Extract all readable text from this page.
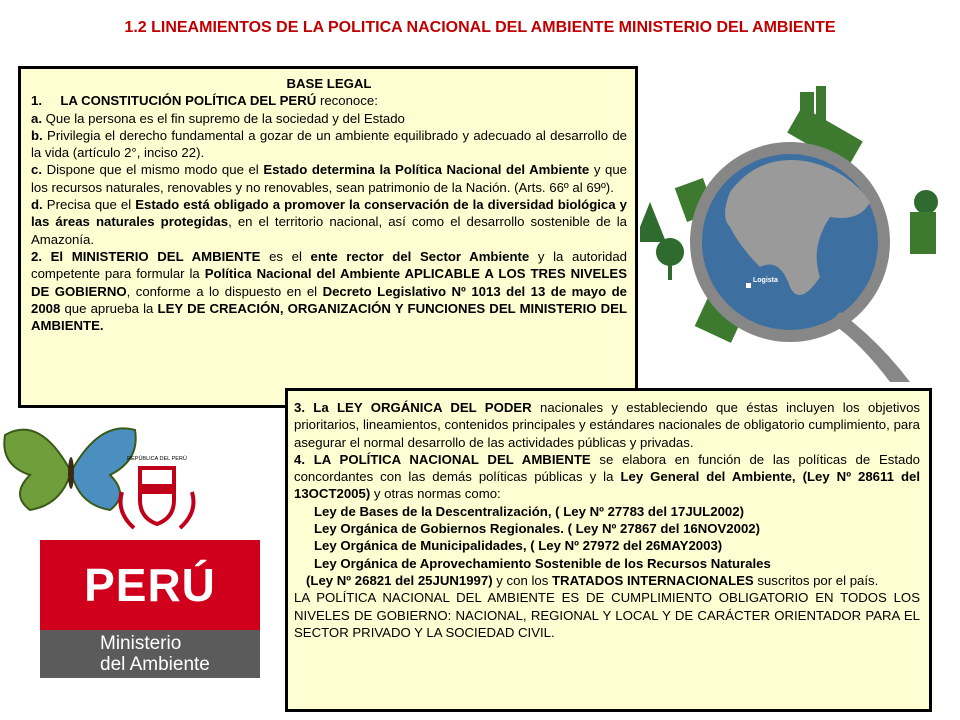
1.2 LINEAMIENTOS DE LA POLITICA NACIONAL DEL AMBIENTE MINISTERIO DEL AMBIENTE

BASE LEGAL

1. LA CONSTITUCIÓN POLÍTICA DEL PERÚ reconoce:

a. Que la persona es el fin supremo de la sociedad y del Estado

b. Privilegia el derecho fundamental a gozar de un ambiente equilibrado y adecuado al desarrollo de la vida (artículo 2°, inciso 22).

c. Dispone que el mismo modo que el Estado determina la Política Nacional del Ambiente y que los recursos naturales, renovables y no renovables, sean patrimonio de la Nación. (Arts. 66º al 69º).

d. Precisa que el Estado está obligado a promover la conservación de la diversidad biológica y las áreas naturales protegidas, en el territorio nacional, así como el desarrollo sostenible de la Amazonía.

2. El MINISTERIO DEL AMBIENTE es el ente rector del Sector Ambiente y la autoridad competente para formular la Política Nacional del Ambiente APLICABLE A LOS TRES NIVELES DE GOBIERNO, conforme a lo dispuesto en el Decreto Legislativo Nº 1013 del 13 de mayo de 2008 que aprueba la LEY DE CREACIÓN, ORGANIZACIÓN Y FUNCIONES DEL MINISTERIO DEL AMBIENTE.

Logista
REPÚBLICA DEL PERÚ
PERÚ
Ministerio
del Ambiente

3. La LEY ORGÁNICA DEL PODER nacionales y estableciendo que éstas incluyen los objetivos prioritarios, lineamientos, contenidos principales y estándares nacionales de obligatorio cumplimiento, para asegurar el normal desarrollo de las actividades públicas y privadas.

4. LA POLÍTICA NACIONAL DEL AMBIENTE se elabora en función de las políticas de Estado concordantes con las demás políticas públicas y la Ley General del Ambiente, (Ley Nº 28611 del 13OCT2005) y otras normas como:

Ley de Bases de la Descentralización, ( Ley Nº 27783 del 17JUL2002)

Ley Orgánica de Gobiernos Regionales. ( Ley Nº 27867 del 16NOV2002)

Ley Orgánica de Municipalidades, ( Ley Nº 27972 del 26MAY2003)

Ley Orgánica de Aprovechamiento Sostenible de los Recursos Naturales

(Ley Nº 26821 del 25JUN1997) y con los TRATADOS INTERNACIONALES suscritos por el país.

LA POLÍTICA NACIONAL DEL AMBIENTE ES DE CUMPLIMIENTO OBLIGATORIO EN TODOS LOS NIVELES DE GOBIERNO: NACIONAL, REGIONAL Y LOCAL Y DE CARÁCTER ORIENTADOR PARA EL SECTOR PRIVADO Y LA SOCIEDAD CIVIL.
